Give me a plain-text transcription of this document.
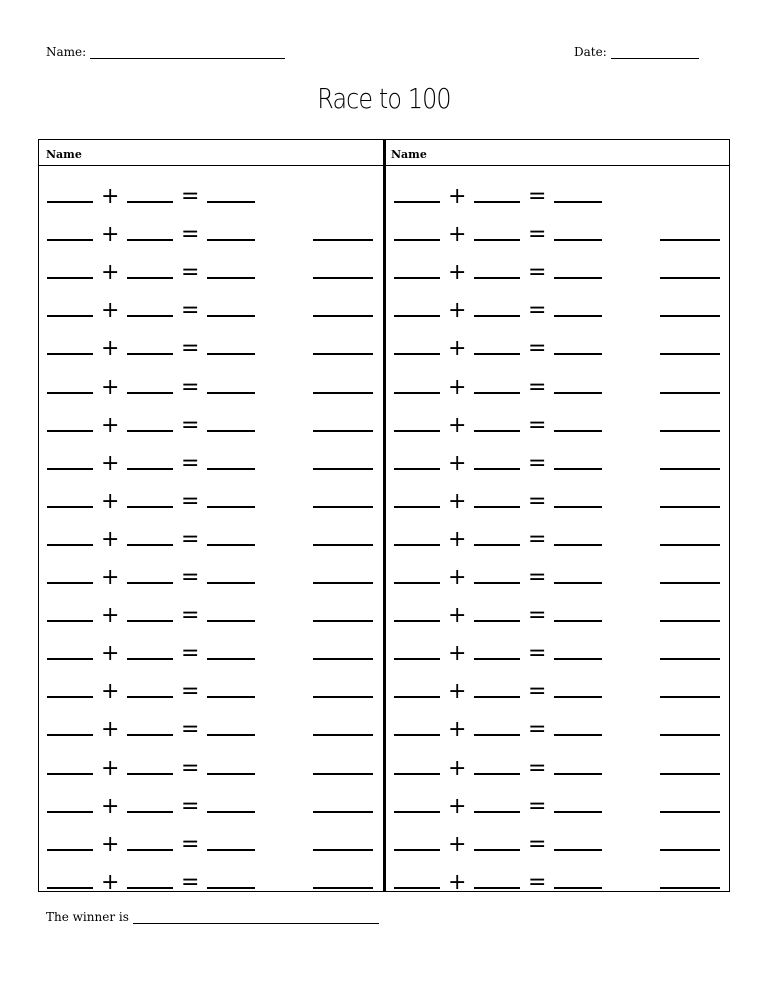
Name:	Date:
Race to 100
Name
+	=
+	=
+	=
+	=
+	=
+	=
+	=
+	=
+	=
+	=
+	=
+	=
+	=
+	=
+	=
+	=
+	=
+	=
+	=
Name
+	=
+	=
+	=
+	=
+	=
+	=
+	=
+	=
+	=
+	=
+	=
+	=
+	=
+	=
+	=
+	=
+	=
+	=
+	=
The winner is
